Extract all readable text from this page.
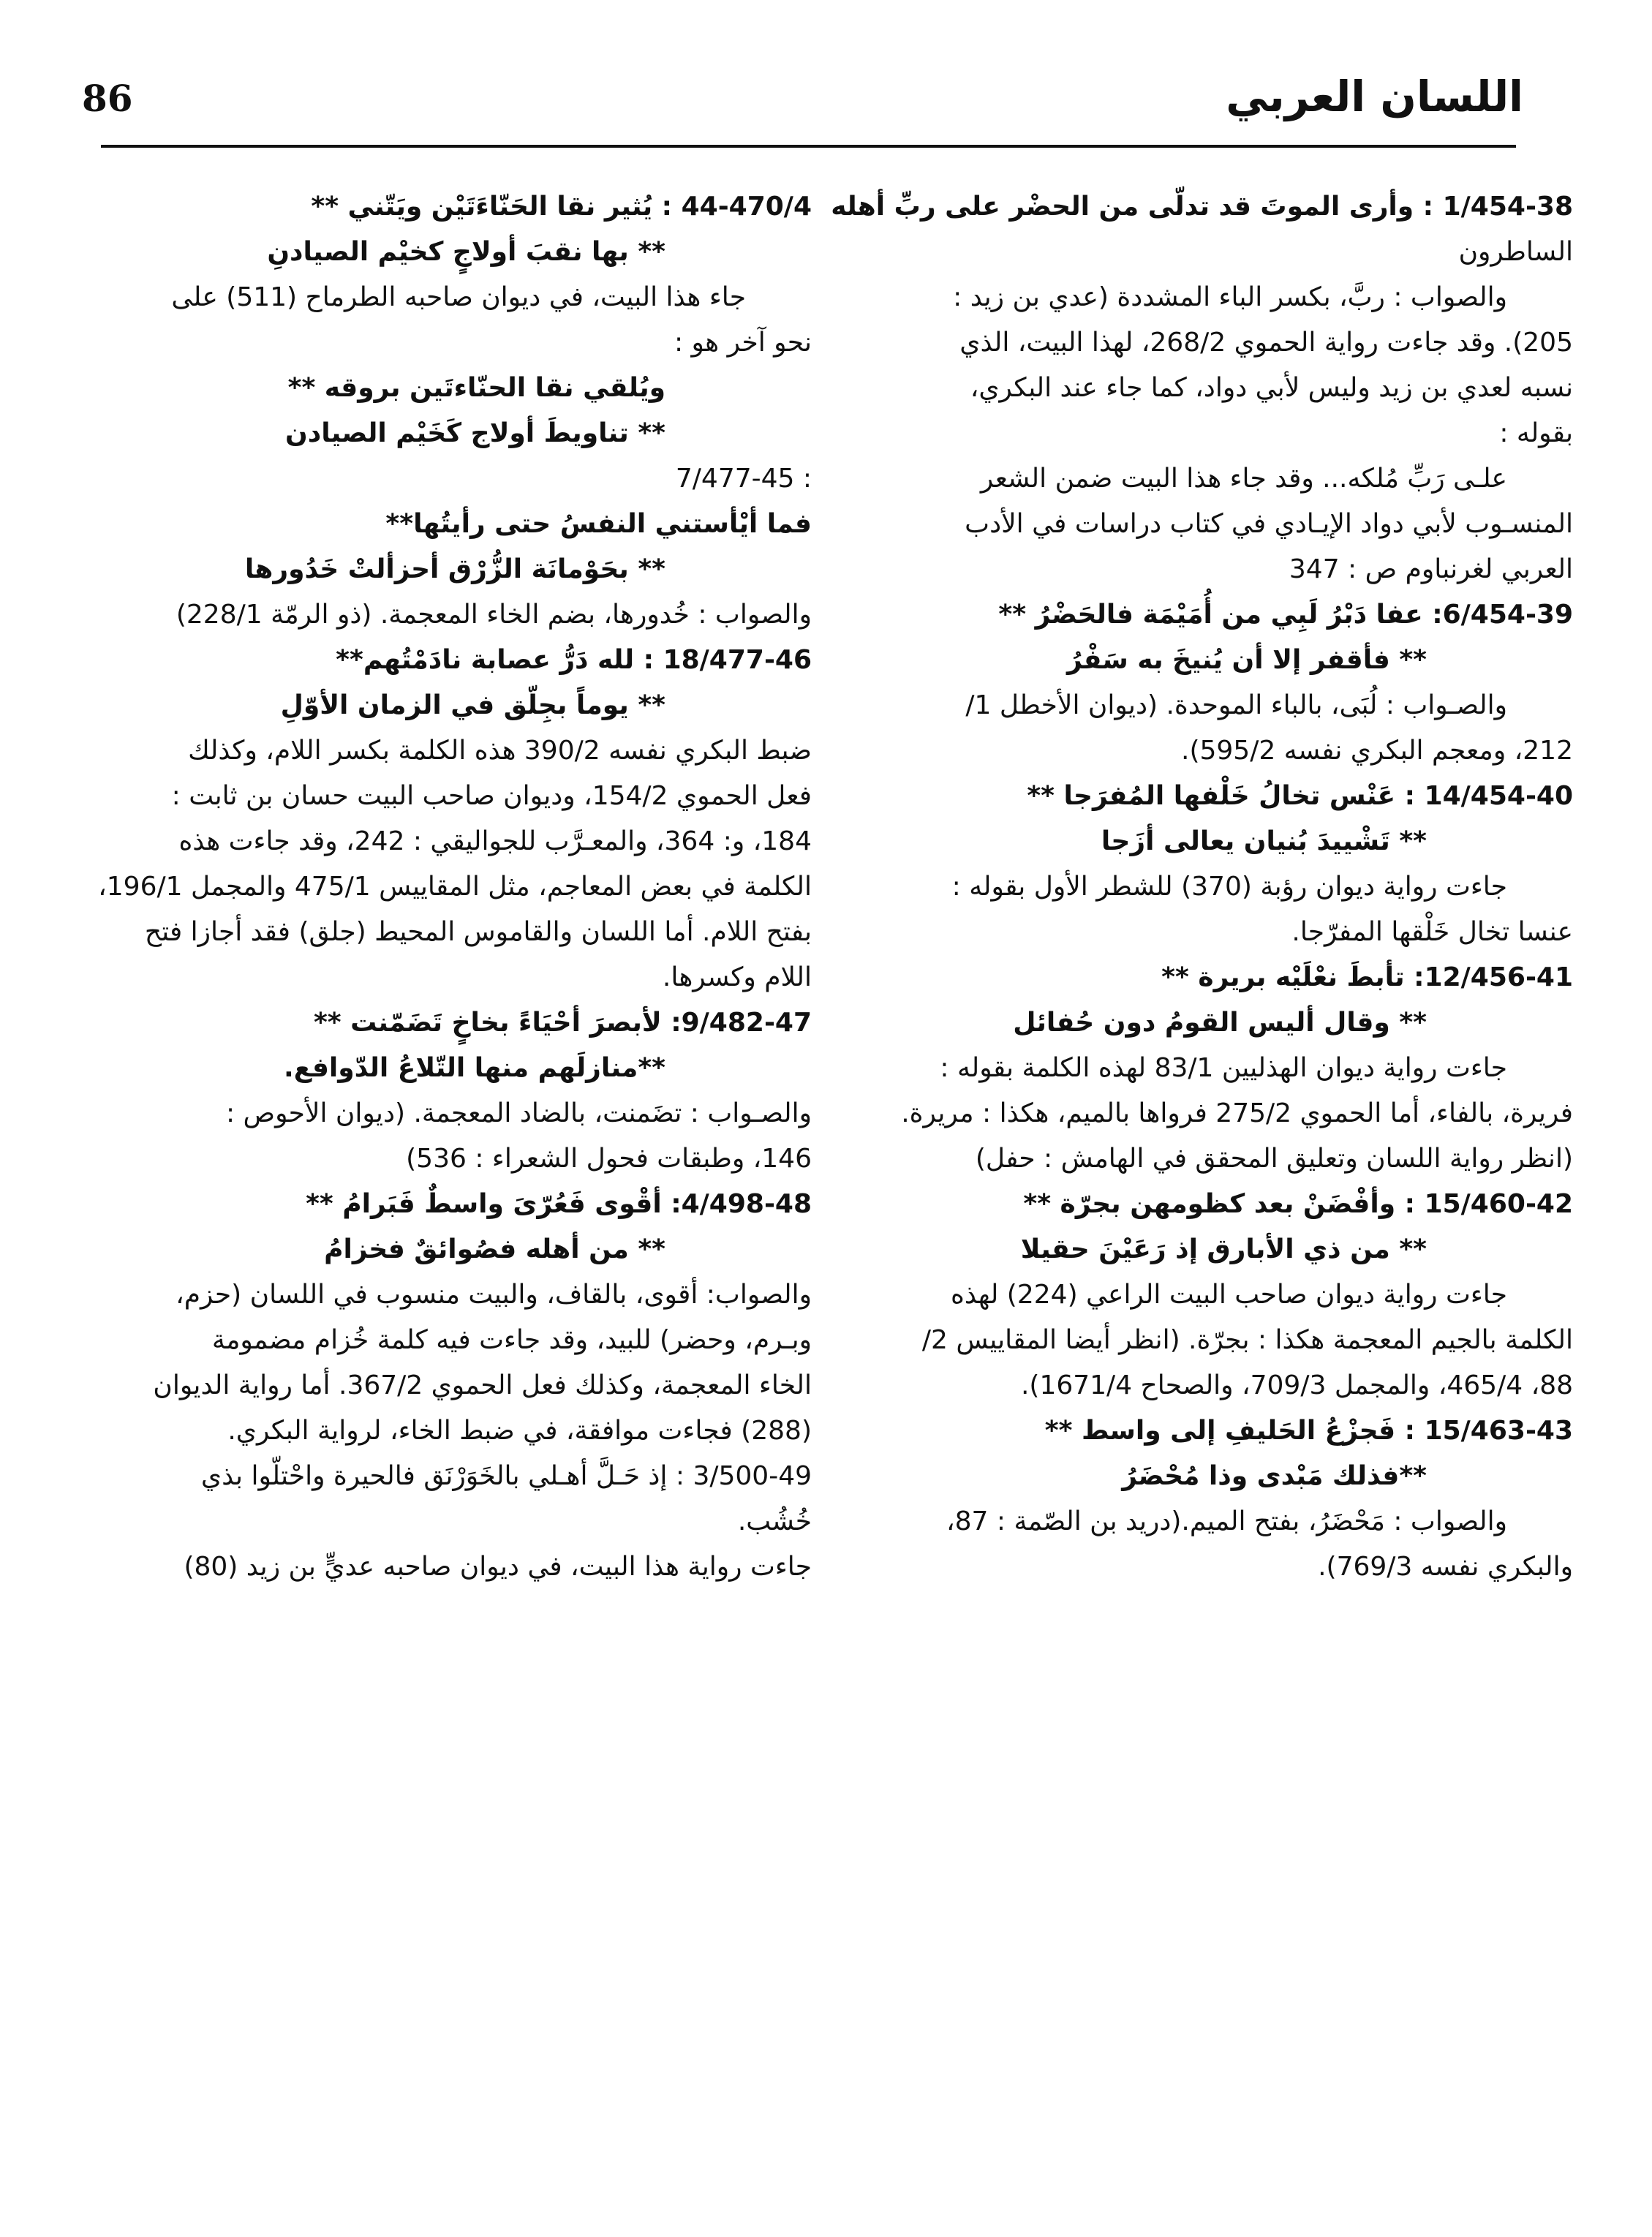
86	اللسان العربي
1/454-38 : وأرى الموتَ قد تدلّى من الحضْر على ربِّ أهله
الساطرون
والصواب : ربَّ، بكسر الباء المشددة (عدي بن زيد :
205). وقد جاءت رواية الحموي 268/2، لهذا البيت، الذي
نسبه لعدي بن زيد وليس لأبي دواد، كما جاء عند البكري،
بقوله :
علـى رَبِّ مُلكه... وقد جاء هذا البيت ضمن الشعر
المنسـوب لأبي دواد الإيـادي في كتاب دراسات في الأدب
العربي لغرنباوم ص : 347
6/454-39: عفا دَبْرُ لَبِي من أُمَيْمَة فالحَضْرُ **
** فأقفر إلا أن يُنيخَ به سَفْرُ
والصـواب : لُبَى، بالباء الموحدة. (ديوان الأخطل 1/
212، ومعجم البكري نفسه 595/2).
14/454-40 : عَنْس تخالُ خَلْفها المُفرَجا **
** تَشْييدَ بُنيان يعالى أزَجا
جاءت رواية ديوان رؤبة (370) للشطر الأول بقوله :
عنسا تخال خَلْقها المفرّجا.
12/456-41: تأبطَ نعْلَيْه بريرة **
** وقال أليس القومُ دون حُفائل
جاءت رواية ديوان الهذليين 83/1 لهذه الكلمة بقوله :
فريرة، بالفاء، أما الحموي 275/2 فرواها بالميم، هكذا : مريرة.
(انظر رواية اللسان وتعليق المحقق في الهامش : حفل)
15/460-42 : وأفْضَنْ بعد كظومهن بجرّة **
** من ذي الأبارق إذ رَعَيْنَ حقيلا
جاءت رواية ديوان صاحب البيت الراعي (224) لهذه
الكلمة بالجيم المعجمة هكذا : بجرّة. (انظر أيضا المقاييس 2/
88، 465/4، والمجمل 709/3، والصحاح 1671/4).
15/463-43 : فَجزْعُ الحَليفِ إلى واسط **
**فذلك مَبْدى وذا مُحْضَرُ
والصواب : مَحْضَرُ، بفتح الميم.(دريد بن الصّمة : 87،
والبكري نفسه 769/3).
44-470/4 : يُثير نقا الحَنّاءَتَيْن ويَتّني **
** بها نقبَ أولاجٍ كخيْم الصيادنِ
جاء هذا البيت، في ديوان صاحبه الطرماح (511) على
نحو آخر هو :
ويُلقي نقا الحنّاءتَين بروقه **
** تناويطَ أولاج كَخَيْم الصيادن
7/477-45 :
فما أيْأستني النفسُ حتى رأيتُها**
** بحَوْمانَة الزُّرْق أحزألتْ خَدُورها
والصواب : خُدورها، بضم الخاء المعجمة. (ذو الرمّة 228/1)
18/477-46 : لله دَرُّ عصابة نادَمْتُهم**
** يوماً بجِلّق في الزمان الأوّلِ
ضبط البكري نفسه 390/2 هذه الكلمة بكسر اللام، وكذلك
فعل الحموي 154/2، وديوان صاحب البيت حسان بن ثابت :
184، و: 364، والمعـرَّب للجواليقي : 242، وقد جاءت هذه
الكلمة في بعض المعاجم، مثل المقاييس 475/1 والمجمل 196/1،
بفتح اللام. أما اللسان والقاموس المحيط (جلق) فقد أجازا فتح
اللام وكسرها.
9/482-47: لأبصرَ أحْيَاءً بخاخٍ تَضَمّنت **
**منازلَهم منها التّلاعُ الدّوافع.
والصـواب : تضَمنت، بالضاد المعجمة. (ديوان الأحوص :
146، وطبقات فحول الشعراء : 536)
4/498-48: أقْوى فَعُرّىَ واسطٌ فَبَرامُ **
** من أهله فصُوائقٌ فخزامُ
والصواب: أقوى، بالقاف، والبيت منسوب في اللسان (حزم،
وبـرم، وحضر) للبيد، وقد جاءت فيه كلمة خُزام مضمومة
الخاء المعجمة، وكذلك فعل الحموي 367/2. أما رواية الديوان
(288) فجاءت موافقة، في ضبط الخاء، لرواية البكري.
3/500-49 : إذ حَـلَّ أهـلي بالخَوَرْنَق فالحيرة واحْتلّوا بذي
خُشُب.
جاءت رواية هذا البيت، في ديوان صاحبه عديٍّ بن زيد (80)
